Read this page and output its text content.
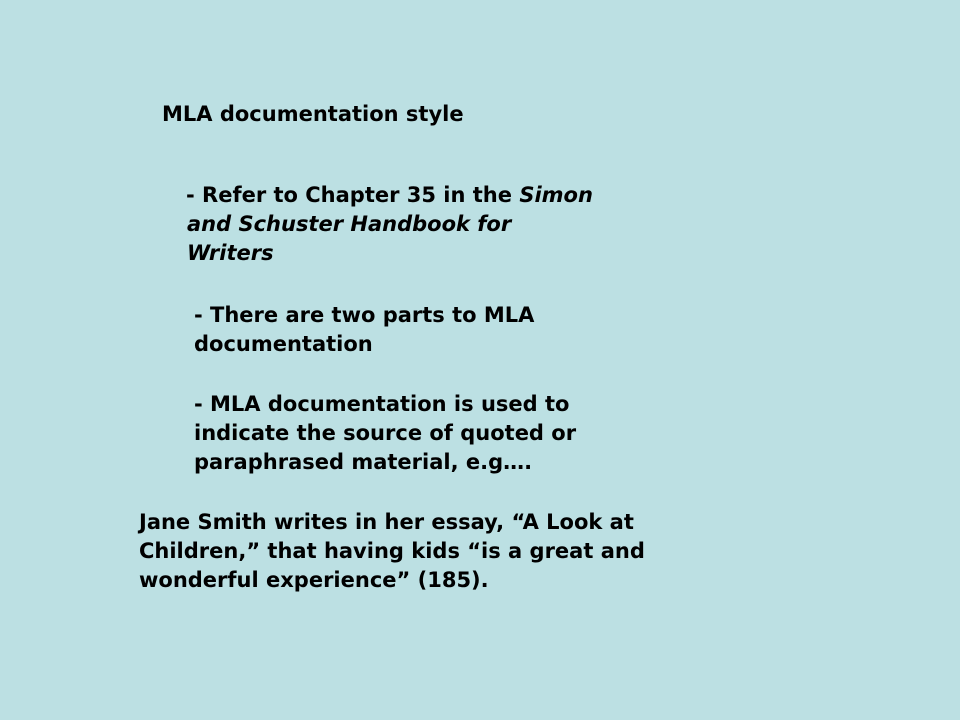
MLA documentation style
- Refer to Chapter 35 in the Simon
and Schuster Handbook for
Writers
- There are two parts to MLA
documentation
- MLA documentation is used to
indicate the source of quoted or
paraphrased material, e.g….
Jane Smith writes in her essay, “A Look at
Children,” that having kids “is a great and
wonderful experience” (185).
